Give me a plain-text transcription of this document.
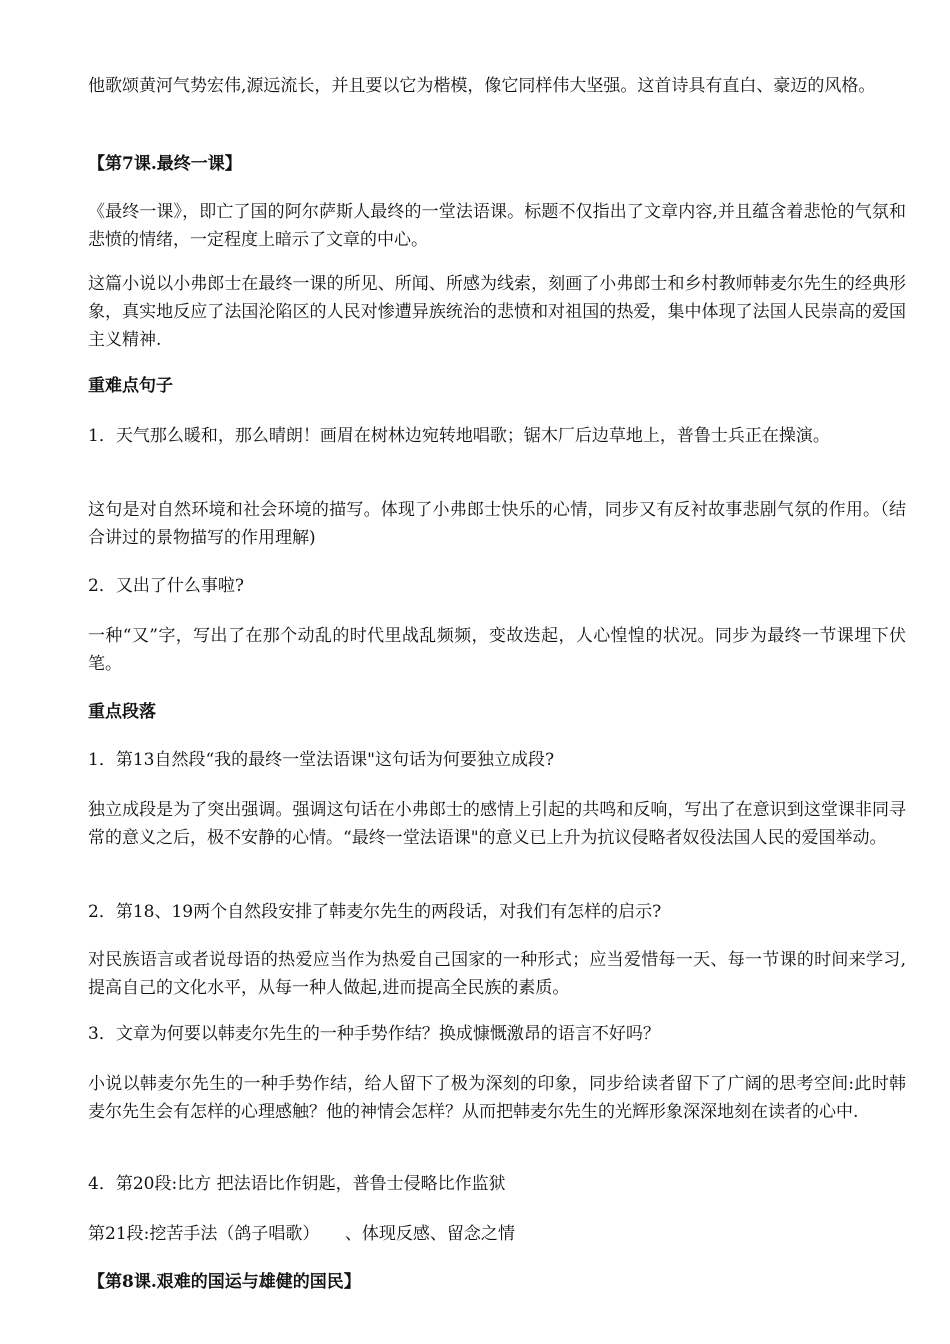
他歌颂黄河气势宏伟,源远流长，并且要以它为楷模，像它同样伟大坚强。这首诗具有直白、豪迈的风格。

【第7课.最终一课】

《最终一课》，即亡了国的阿尔萨斯人最终的一堂法语课。标题不仅指出了文章内容,并且蕴含着悲怆的气氛和悲愤的情绪，一定程度上暗示了文章的中心。

这篇小说以小弗郎士在最终一课的所见、所闻、所感为线索，刻画了小弗郎士和乡村教师韩麦尔先生的经典形象，真实地反应了法国沦陷区的人民对惨遭异族统治的悲愤和对祖国的热爱，集中体现了法国人民崇高的爱国主义精神.

重难点句子

1．天气那么暖和，那么晴朗！画眉在树林边宛转地唱歌；锯木厂后边草地上，普鲁士兵正在操演。

这句是对自然环境和社会环境的描写。体现了小弗郎士快乐的心情，同步又有反衬故事悲剧气氛的作用。（结合讲过的景物描写的作用理解)

2．又出了什么事啦?

一种“又”字，写出了在那个动乱的时代里战乱频频，变故迭起，人心惶惶的状况。同步为最终一节课埋下伏笔。

重点段落

1．第13自然段“我的最终一堂法语课"这句话为何要独立成段?

独立成段是为了突出强调。强调这句话在小弗郎士的感情上引起的共鸣和反响，写出了在意识到这堂课非同寻常的意义之后，极不安静的心情。“最终一堂法语课"的意义已上升为抗议侵略者奴役法国人民的爱国举动。

2．第18、19两个自然段安排了韩麦尔先生的两段话，对我们有怎样的启示?

对民族语言或者说母语的热爱应当作为热爱自己国家的一种形式；应当爱惜每一天、每一节课的时间来学习,提高自己的文化水平，从每一种人做起,进而提高全民族的素质。

3．文章为何要以韩麦尔先生的一种手势作结？换成慷慨激昂的语言不好吗？

小说以韩麦尔先生的一种手势作结，给人留下了极为深刻的印象，同步给读者留下了广阔的思考空间:此时韩麦尔先生会有怎样的心理感触？他的神情会怎样？从而把韩麦尔先生的光辉形象深深地刻在读者的心中.

4．第20段:比方 把法语比作钥匙，普鲁士侵略比作监狱

第21段:挖苦手法（鸽子唱歌）　　、体现反感、留念之情

【第8课.艰难的国运与雄健的国民】
